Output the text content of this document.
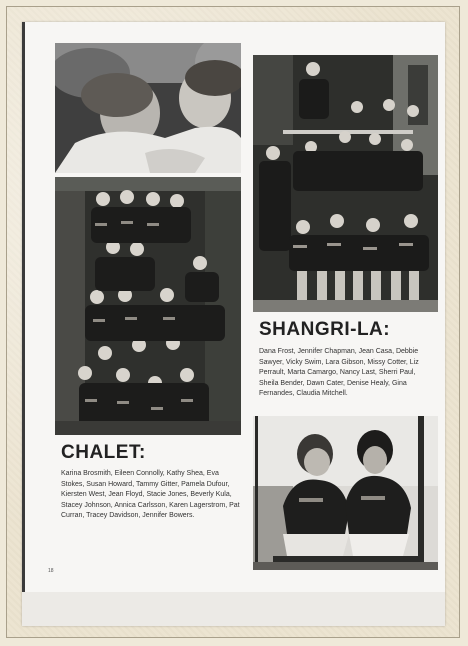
SHANGRI-LA:

Dana Frost, Jennifer Chapman, Jean Casa, Debbie Sawyer, Vicky Swim, Lara Gibson, Missy Cotter, Liz Perrault, Marta Camargo, Nancy Last, Sherri Paul, Sheila Bender, Dawn Cater, Denise Healy, Gina Fernandes, Claudia Mitchell.

CHALET:

Karina Brosmith, Eileen Connolly, Kathy Shea, Eva Stokes, Susan Howard, Tammy Gitter, Pamela Dufour, Kiersten West, Jean Floyd, Stacie Jones, Beverly Kula, Stacey Johnson, Annica Carlsson, Karen Lagerstrom, Pat Curran, Tracey Davidson, Jennifer Bowers.

18
